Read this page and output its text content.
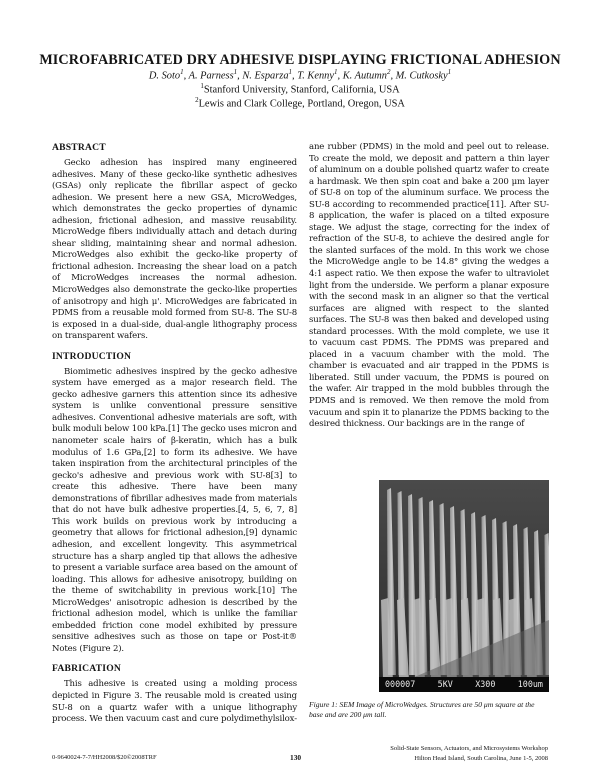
MICROFABRICATED DRY ADHESIVE DISPLAYING FRICTIONAL ADHESION
D. Soto$^1$, A. Parness$^1$, N. Esparza$^1$, T. Kenny$^1$, K. Autumn$^2$, M. Cutkosky$^1$
$^1$Stanford University, Stanford, California, USA
$^2$Lewis and Clark College, Portland, Oregon, USA
ABSTRACT

Gecko adhesion has inspired many engineered adhesives. Many of these gecko-like synthetic adhesives (GSAs) only replicate the fibrillar aspect of gecko adhesion. We present here a new GSA, MicroWedges, which demonstrates the gecko properties of dynamic adhesion, frictional adhesion, and massive reusability. MicroWedge fibers individually attach and detach during shear sliding, maintaining shear and normal adhesion. MicroWedges also exhibit the gecko-like property of frictional adhesion. Increasing the shear load on a patch of MicroWedges increases the normal adhesion. MicroWedges also demonstrate the gecko-like properties of anisotropy and high μ'. MicroWedges are fabricated in PDMS from a reusable mold formed from SU-8. The SU-8 is exposed in a dual-side, dual-angle lithography process on transparent wafers.

INTRODUCTION

Biomimetic adhesives inspired by the gecko adhesive system have emerged as a major research field. The gecko adhesive garners this attention since its adhesive system is unlike conventional pressure sensitive adhesives. Conventional adhesive materials are soft, with bulk moduli below 100 kPa.[1] The gecko uses micron and nanometer scale hairs of β-keratin, which has a bulk modulus of 1.6 GPa,[2] to form its adhesive. We have taken inspiration from the architectural principles of the gecko's adhesive and previous work with SU-8[3] to create this adhesive. There have been many demonstrations of fibrillar adhesives made from materials that do not have bulk adhesive properties.[4, 5, 6, 7, 8] This work builds on previous work by introducing a geometry that allows for frictional adhesion,[9] dynamic adhesion, and excellent longevity. This asymmetrical structure has a sharp angled tip that allows the adhesive to present a variable surface area based on the amount of loading. This allows for adhesive anisotropy, building on the theme of switchability in previous work.[10] The MicroWedges' anisotropic adhesion is described by the frictional adhesion model, which is unlike the familiar embedded friction cone model exhibited by pressure sensitive adhesives such as those on tape or Post-it® Notes (Figure 2).

FABRICATION

This adhesive is created using a molding process depicted in Figure 3. The reusable mold is created using SU-8 on a quartz wafer with a unique lithography process. We then vacuum cast and cure polydimethylsilox-

ane rubber (PDMS) in the mold and peel out to release. To create the mold, we deposit and pattern a thin layer of aluminum on a double polished quartz wafer to create a hardmask. We then spin coat and bake a 200 μm layer of SU-8 on top of the aluminum surface. We process the SU-8 according to recommended practice[11]. After SU-8 application, the wafer is placed on a tilted exposure stage. We adjust the stage, correcting for the index of refraction of the SU-8, to achieve the desired angle for the slanted surfaces of the mold. In this work we chose the MicroWedge angle to be 14.8° giving the wedges a 4:1 aspect ratio. We then expose the wafer to ultraviolet light from the underside. We perform a planar exposure with the second mask in an aligner so that the vertical surfaces are aligned with respect to the slanted surfaces. The SU-8 was then baked and developed using standard processes. With the mold complete, we use it to vacuum cast PDMS. The PDMS was prepared and placed in a vacuum chamber with the mold. The chamber is evacuated and air trapped in the PDMS is liberated. Still under vacuum, the PDMS is poured on the wafer. Air trapped in the mold bubbles through the PDMS and is removed. We then remove the mold from vacuum and spin it to planarize the PDMS backing to the desired thickness. Our backings are in the range of

000007	5KV	X300	100um
Figure 1: SEM Image of MicroWedges. Structures are 50 μm square at the base and are 200 μm tall.
0-9640024-7-7/HH2008/$20©2008TRF	130
Solid-State Sensors, Actuators, and Microsystems Workshop
Hilton Head Island, South Carolina, June 1-5, 2008
